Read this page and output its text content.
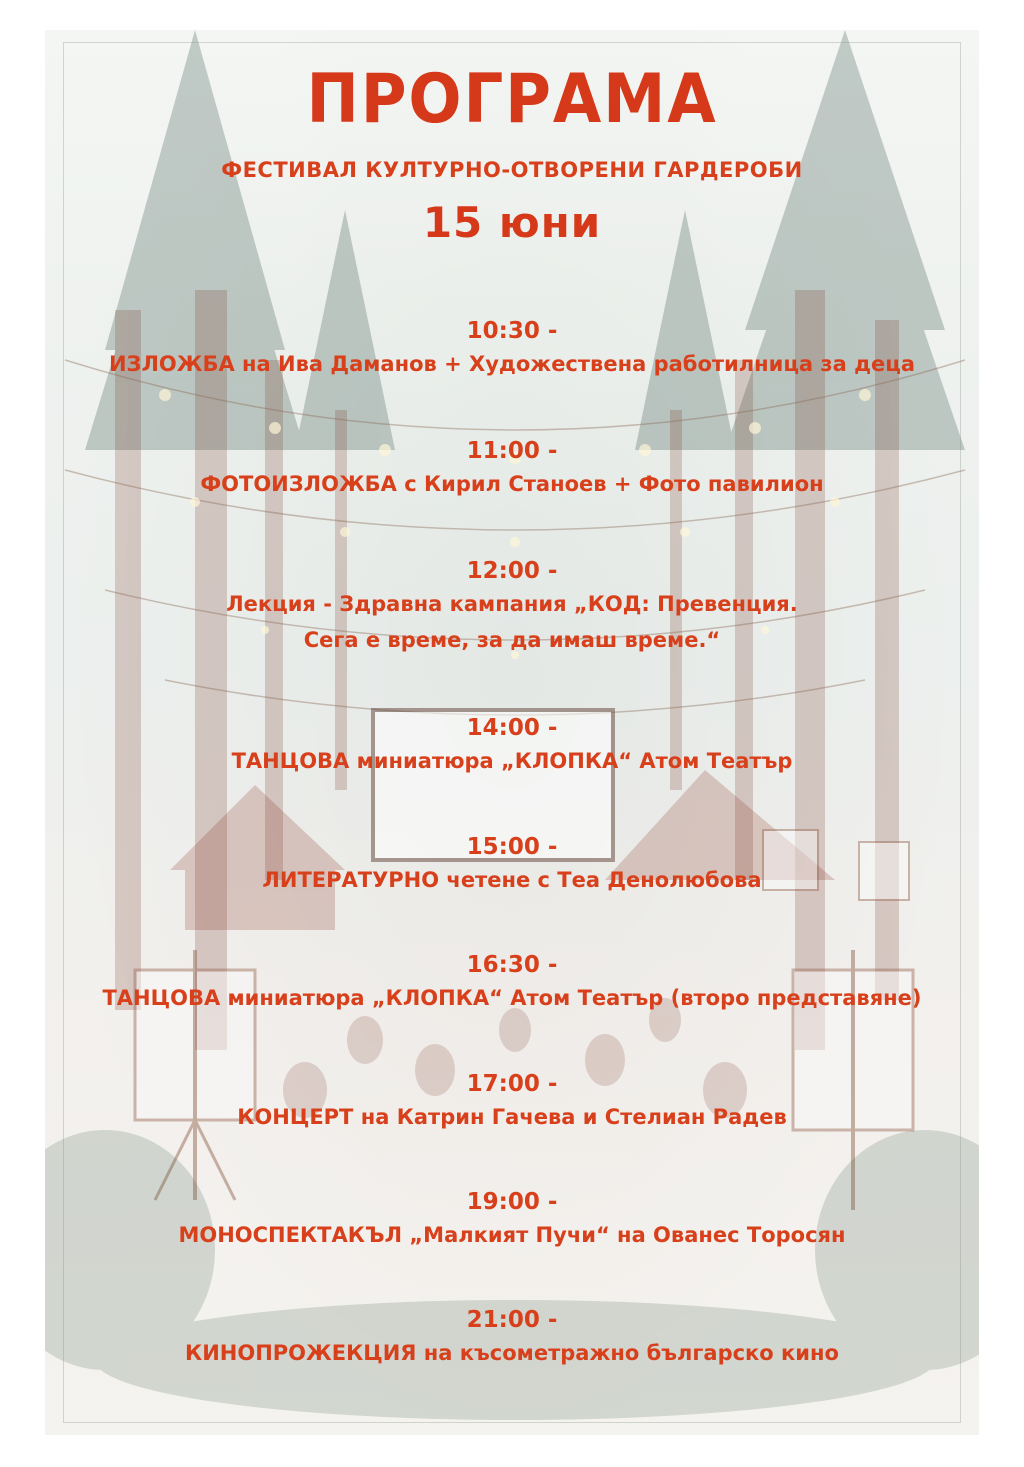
ПРОГРАМА
ФЕСТИВАЛ КУЛТУРНО-ОТВОРЕНИ ГАРДЕРОБИ
15 юни
10:30 -
ИЗЛОЖБА на Ива Даманов + Художествена работилница за деца
11:00 -
ФОТОИЗЛОЖБА с Кирил Станоев + Фото павилион
12:00 -
Лекция - Здравна кампания „КОД: Превенция.
Сега е време, за да имаш време.“
14:00 -
ТАНЦОВА миниатюра „КЛОПКА“ Атом Театър
15:00 -
ЛИТЕРАТУРНО четене с Теа Денолюбова
16:30 -
ТАНЦОВА миниатюра „КЛОПКА“ Атом Театър (второ представяне)
17:00 -
КОНЦЕРТ на Катрин Гачева и Стелиан Радев
19:00 -
МОНОСПЕКТАКЪЛ „Малкият Пучи“ на Ованес Торосян
21:00 -
КИНОПРОЖЕКЦИЯ на късометражно българско кино
